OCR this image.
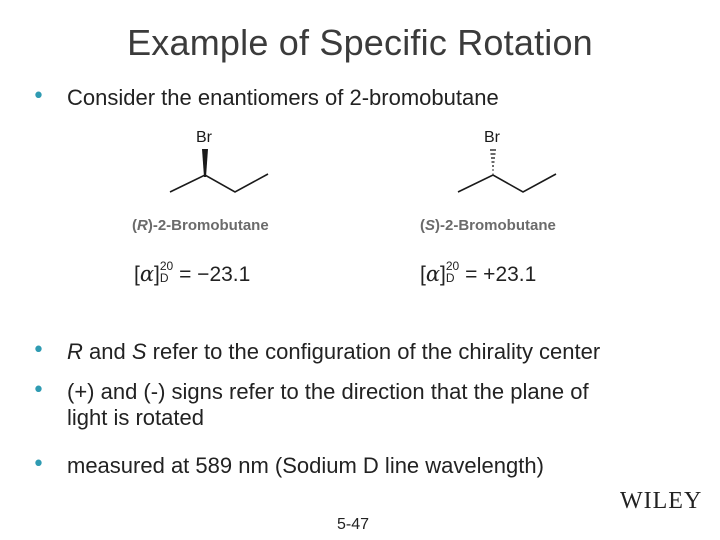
Example of Specific Rotation
• Consider the enantiomers of 2-bromobutane
Br
(R)-2-Bromobutane
Br
(S)-2-Bromobutane
[α]20
D = −23.1	[α]20
D = +23.1
• R and S refer to the configuration of the chirality center
• (+) and (-) signs refer to the direction that the plane of
light is rotated
• measured at 589 nm (Sodium D line wavelength)
WILEY
5-47
